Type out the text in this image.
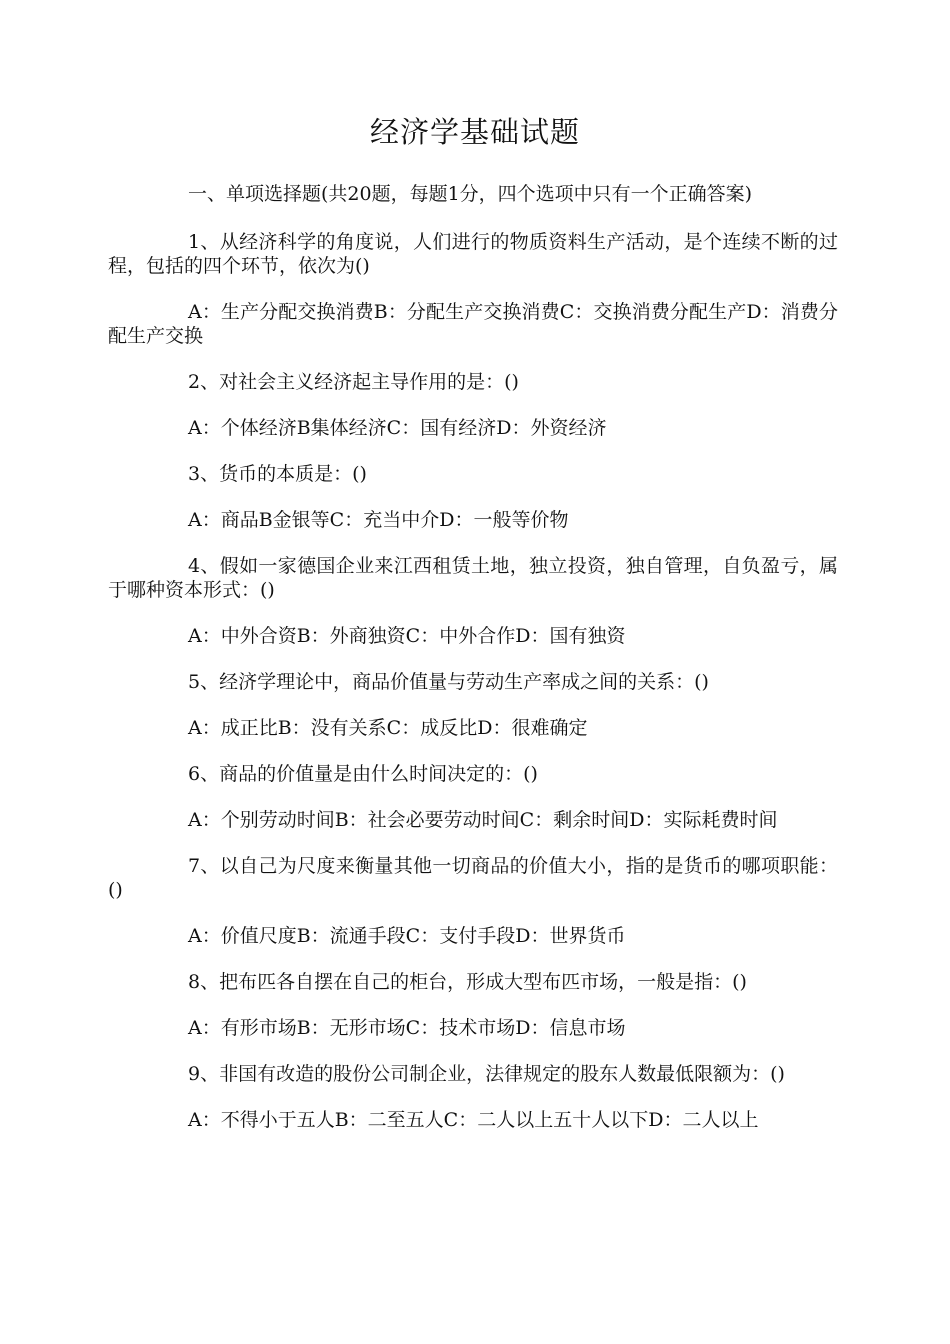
经济学基础试题

一、单项选择题(共20题，每题1分，四个选项中只有一个正确答案)

1、从经济科学的角度说，人们进行的物质资料生产活动，是个连续不断的过程，包括的四个环节，依次为()

A：生产分配交换消费B：分配生产交换消费C：交换消费分配生产D：消费分配生产交换

2、对社会主义经济起主导作用的是：()

A：个体经济B集体经济C：国有经济D：外资经济

3、货币的本质是：()

A：商品B金银等C：充当中介D：一般等价物

4、假如一家德国企业来江西租赁土地，独立投资，独自管理，自负盈亏，属于哪种资本形式：()

A：中外合资B：外商独资C：中外合作D：国有独资

5、经济学理论中，商品价值量与劳动生产率成之间的关系：()

A：成正比B：没有关系C：成反比D：很难确定

6、商品的价值量是由什么时间决定的：()

A：个别劳动时间B：社会必要劳动时间C：剩余时间D：实际耗费时间

7、以自己为尺度来衡量其他一切商品的价值大小，指的是货币的哪项职能：()

A：价值尺度B：流通手段C：支付手段D：世界货币

8、把布匹各自摆在自己的柜台，形成大型布匹市场，一般是指：()

A：有形市场B：无形市场C：技术市场D：信息市场

9、非国有改造的股份公司制企业，法律规定的股东人数最低限额为：()

A：不得小于五人B：二至五人C：二人以上五十人以下D：二人以上
